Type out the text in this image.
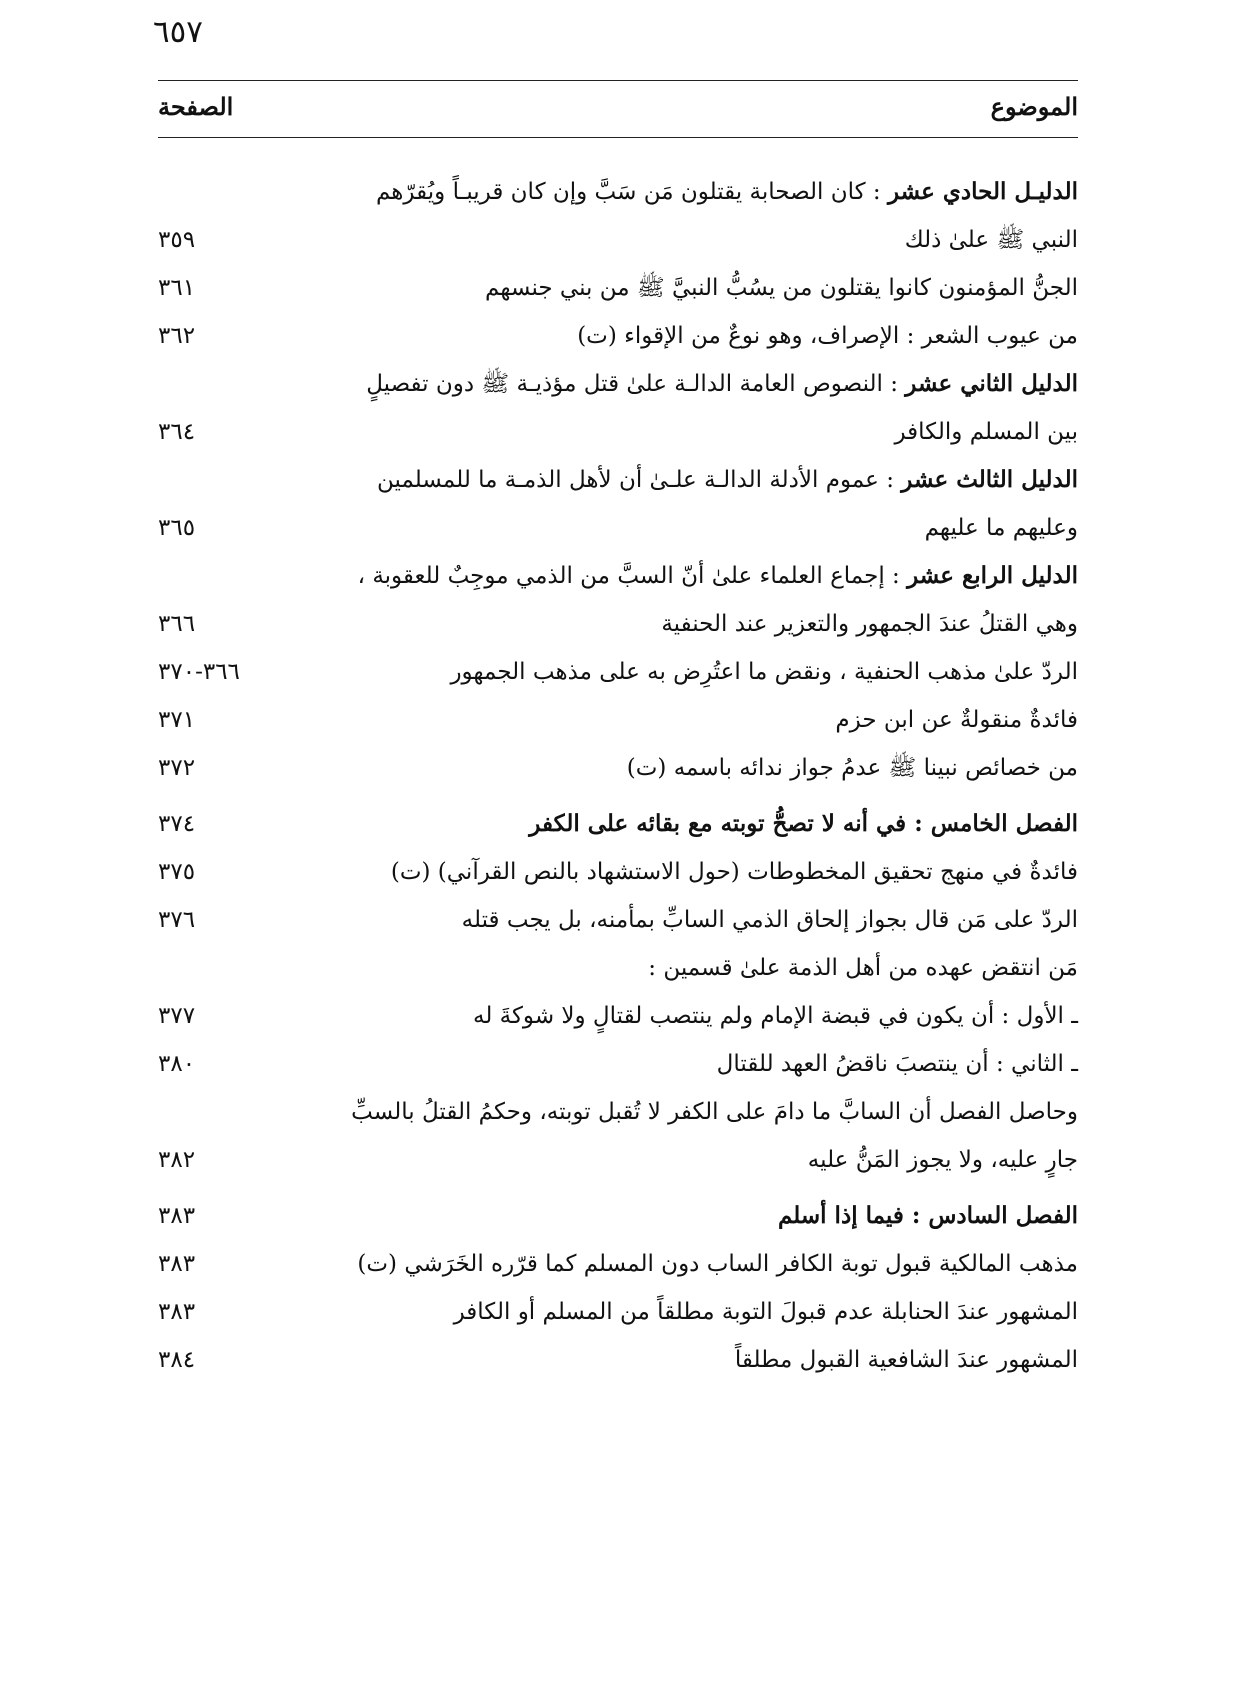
٦٥٧
الموضوع
الصفحة
الدليـل الحادي عشر : كان الصحابة يقتلون مَن سَبَّ وإن كان قريبـاً ويُقرّهم
النبي ﷺ علىٰ ذلك
٣٥٩
الجنُّ المؤمنون كانوا يقتلون من يسُبُّ النبيَّ ﷺ من بني جنسهم
٣٦١
من عيوب الشعر : الإصراف، وهو نوعٌ من الإقواء (ت)
٣٦٢
الدليل الثاني عشر : النصوص العامة الدالـة علىٰ قتل مؤذيـة ﷺ دون تفصيلٍ
بين المسلم والكافر
٣٦٤
الدليل الثالث عشر : عموم الأدلة الدالـة علـىٰ أن لأهل الذمـة ما للمسلمين
وعليهم ما عليهم
٣٦٥
الدليل الرابع عشر : إجماع العلماء علىٰ أنّ السبَّ من الذمي موجِبٌ للعقوبة ،
وهي القتلُ عندَ الجمهور والتعزير عند الحنفية
٣٦٦
الردّ علىٰ مذهب الحنفية ، ونقض ما اعتُرِض به على مذهب الجمهور
٣٦٦-٣٧٠
فائدةٌ منقولةٌ عن ابن حزم
٣٧١
من خصائص نبينا ﷺ عدمُ جواز ندائه باسمه (ت)
٣٧٢
الفصل الخامس : في أنه لا تصحُّ توبته مع بقائه على الكفر
٣٧٤
فائدةٌ في منهج تحقيق المخطوطات (حول الاستشهاد بالنص القرآني) (ت)
٣٧٥
الردّ على مَن قال بجواز إلحاق الذمي السابِّ بمأمنه، بل يجب قتله
٣٧٦
مَن انتقض عهده من أهل الذمة علىٰ قسمين :
ـ الأول : أن يكون في قبضة الإمام ولم ينتصب لقتالٍ ولا شوكةَ له
٣٧٧
ـ الثاني : أن ينتصبَ ناقضُ العهد للقتال
٣٨٠
وحاصل الفصل أن السابَّ ما دامَ على الكفر لا تُقبل توبته، وحكمُ القتلُ بالسبِّ
جارٍ عليه، ولا يجوز المَنُّ عليه
٣٨٢
الفصل السادس : فيما إذا أسلم
٣٨٣
مذهب المالكية قبول توبة الكافر الساب دون المسلم كما قرّره الخَرَشي (ت)
٣٨٣
المشهور عندَ الحنابلة عدم قبولَ التوبة مطلقاً من المسلم أو الكافر
٣٨٣
المشهور عندَ الشافعية القبول مطلقاً
٣٨٤
